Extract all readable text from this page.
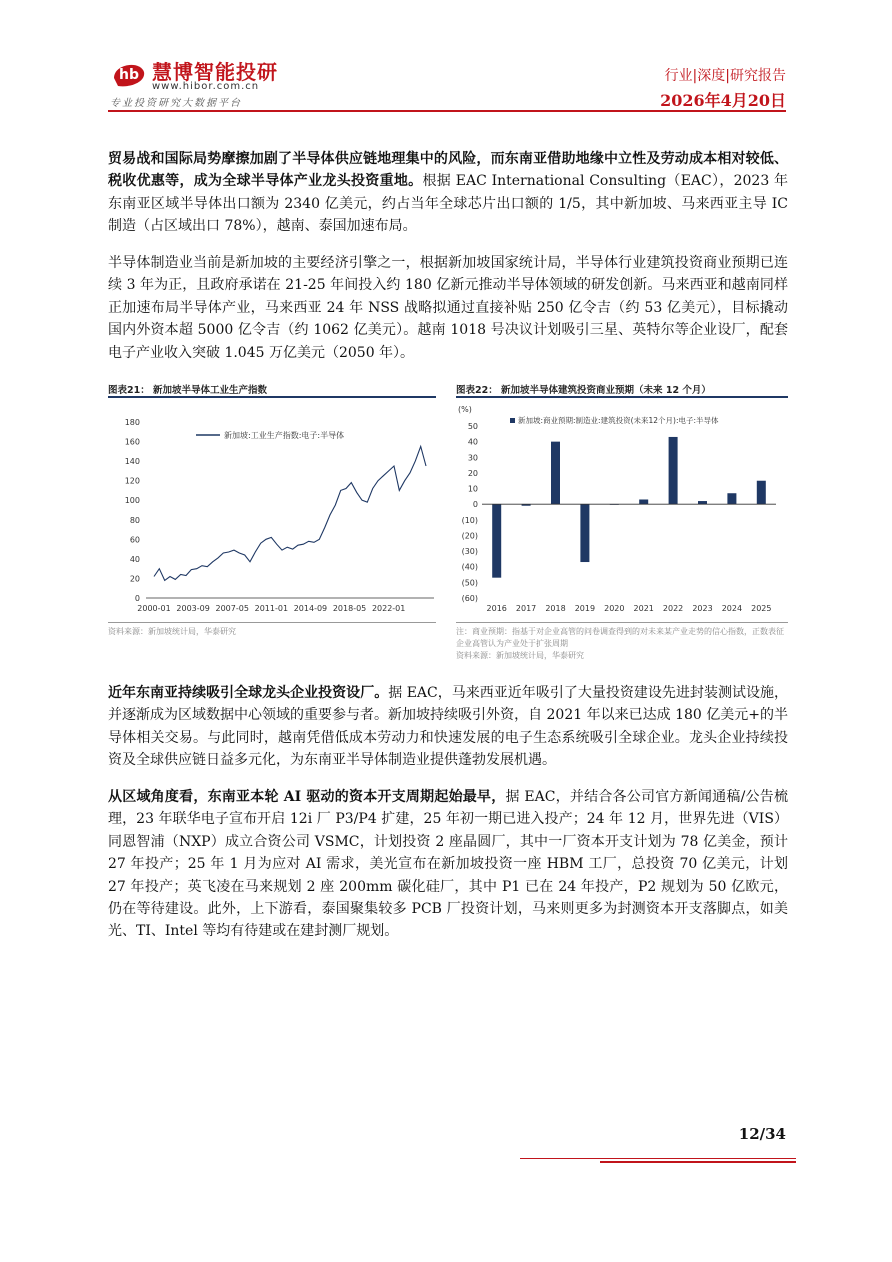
hb 慧博智能投研
www.hibor.com.cn
专业投资研究大数据平台
行业|深度|研究报告
2026年4月20日

贸易战和国际局势摩擦加剧了半导体供应链地理集中的风险，而东南亚借助地缘中立性及劳动成本相对较低、税收优惠等，成为全球半导体产业龙头投资重地。根据 EAC International Consulting（EAC），2023 年东南亚区域半导体出口额为 2340 亿美元，约占当年全球芯片出口额的 1/5，其中新加坡、马来西亚主导 IC 制造（占区域出口 78%），越南、泰国加速布局。

半导体制造业当前是新加坡的主要经济引擎之一，根据新加坡国家统计局，半导体行业建筑投资商业预期已连续 3 年为正，且政府承诺在 21-25 年间投入约 180 亿新元推动半导体领域的研发创新。马来西亚和越南同样正加速布局半导体产业，马来西亚 24 年 NSS 战略拟通过直接补贴 250 亿令吉（约 53 亿美元），目标撬动国内外资本超 5000 亿令吉（约 1062 亿美元）。越南 1018 号决议计划吸引三星、英特尔等企业设厂，配套电子产业收入突破 1.045 万亿美元（2050 年）。

图表21： 新加坡半导体工业生产指数
0
20
40
60
80
100
120
140
160
180
2000-01 2003-09 2007-05 2011-01 2014-09 2018-05 2022-01
新加坡:工业生产指数:电子:半导体
资料来源：新加坡统计局，华泰研究
图表22： 新加坡半导体建筑投资商业预期（未来 12 个月）
(%)
50
40
30
20
10
0
(10)
(20)
(30)
(40)
(50)
(60)
2016 2017 2018 2019 2020 2021 2022 2023 2024 2025
新加坡:商业预期:制造业:建筑投资(未来12个月):电子:半导体
注：商业预期：指基于对企业高管的问卷调查得到的对未来某产业走势的信心指数，正数表征企业高管认为产业处于扩张周期
资料来源：新加坡统计局，华泰研究

近年东南亚持续吸引全球龙头企业投资设厂。据 EAC，马来西亚近年吸引了大量投资建设先进封装测试设施，并逐渐成为区域数据中心领域的重要参与者。新加坡持续吸引外资，自 2021 年以来已达成 180 亿美元+的半导体相关交易。与此同时，越南凭借低成本劳动力和快速发展的电子生态系统吸引全球企业。龙头企业持续投资及全球供应链日益多元化，为东南亚半导体制造业提供蓬勃发展机遇。

从区域角度看，东南亚本轮 AI 驱动的资本开支周期起始最早，据 EAC，并结合各公司官方新闻通稿/公告梳理，23 年联华电子宣布开启 12i 厂 P3/P4 扩建，25 年初一期已进入投产；24 年 12 月，世界先进（VIS）同恩智浦（NXP）成立合资公司 VSMC，计划投资 2 座晶圆厂，其中一厂资本开支计划为 78 亿美金，预计 27 年投产；25 年 1 月为应对 AI 需求，美光宣布在新加坡投资一座 HBM 工厂，总投资 70 亿美元，计划 27 年投产；英飞凌在马来规划 2 座 200mm 碳化硅厂，其中 P1 已在 24 年投产，P2 规划为 50 亿欧元，仍在等待建设。此外，上下游看，泰国聚集较多 PCB 厂投资计划，马来则更多为封测资本开支落脚点，如美光、TI、Intel 等均有待建或在建封测厂规划。

12/34
